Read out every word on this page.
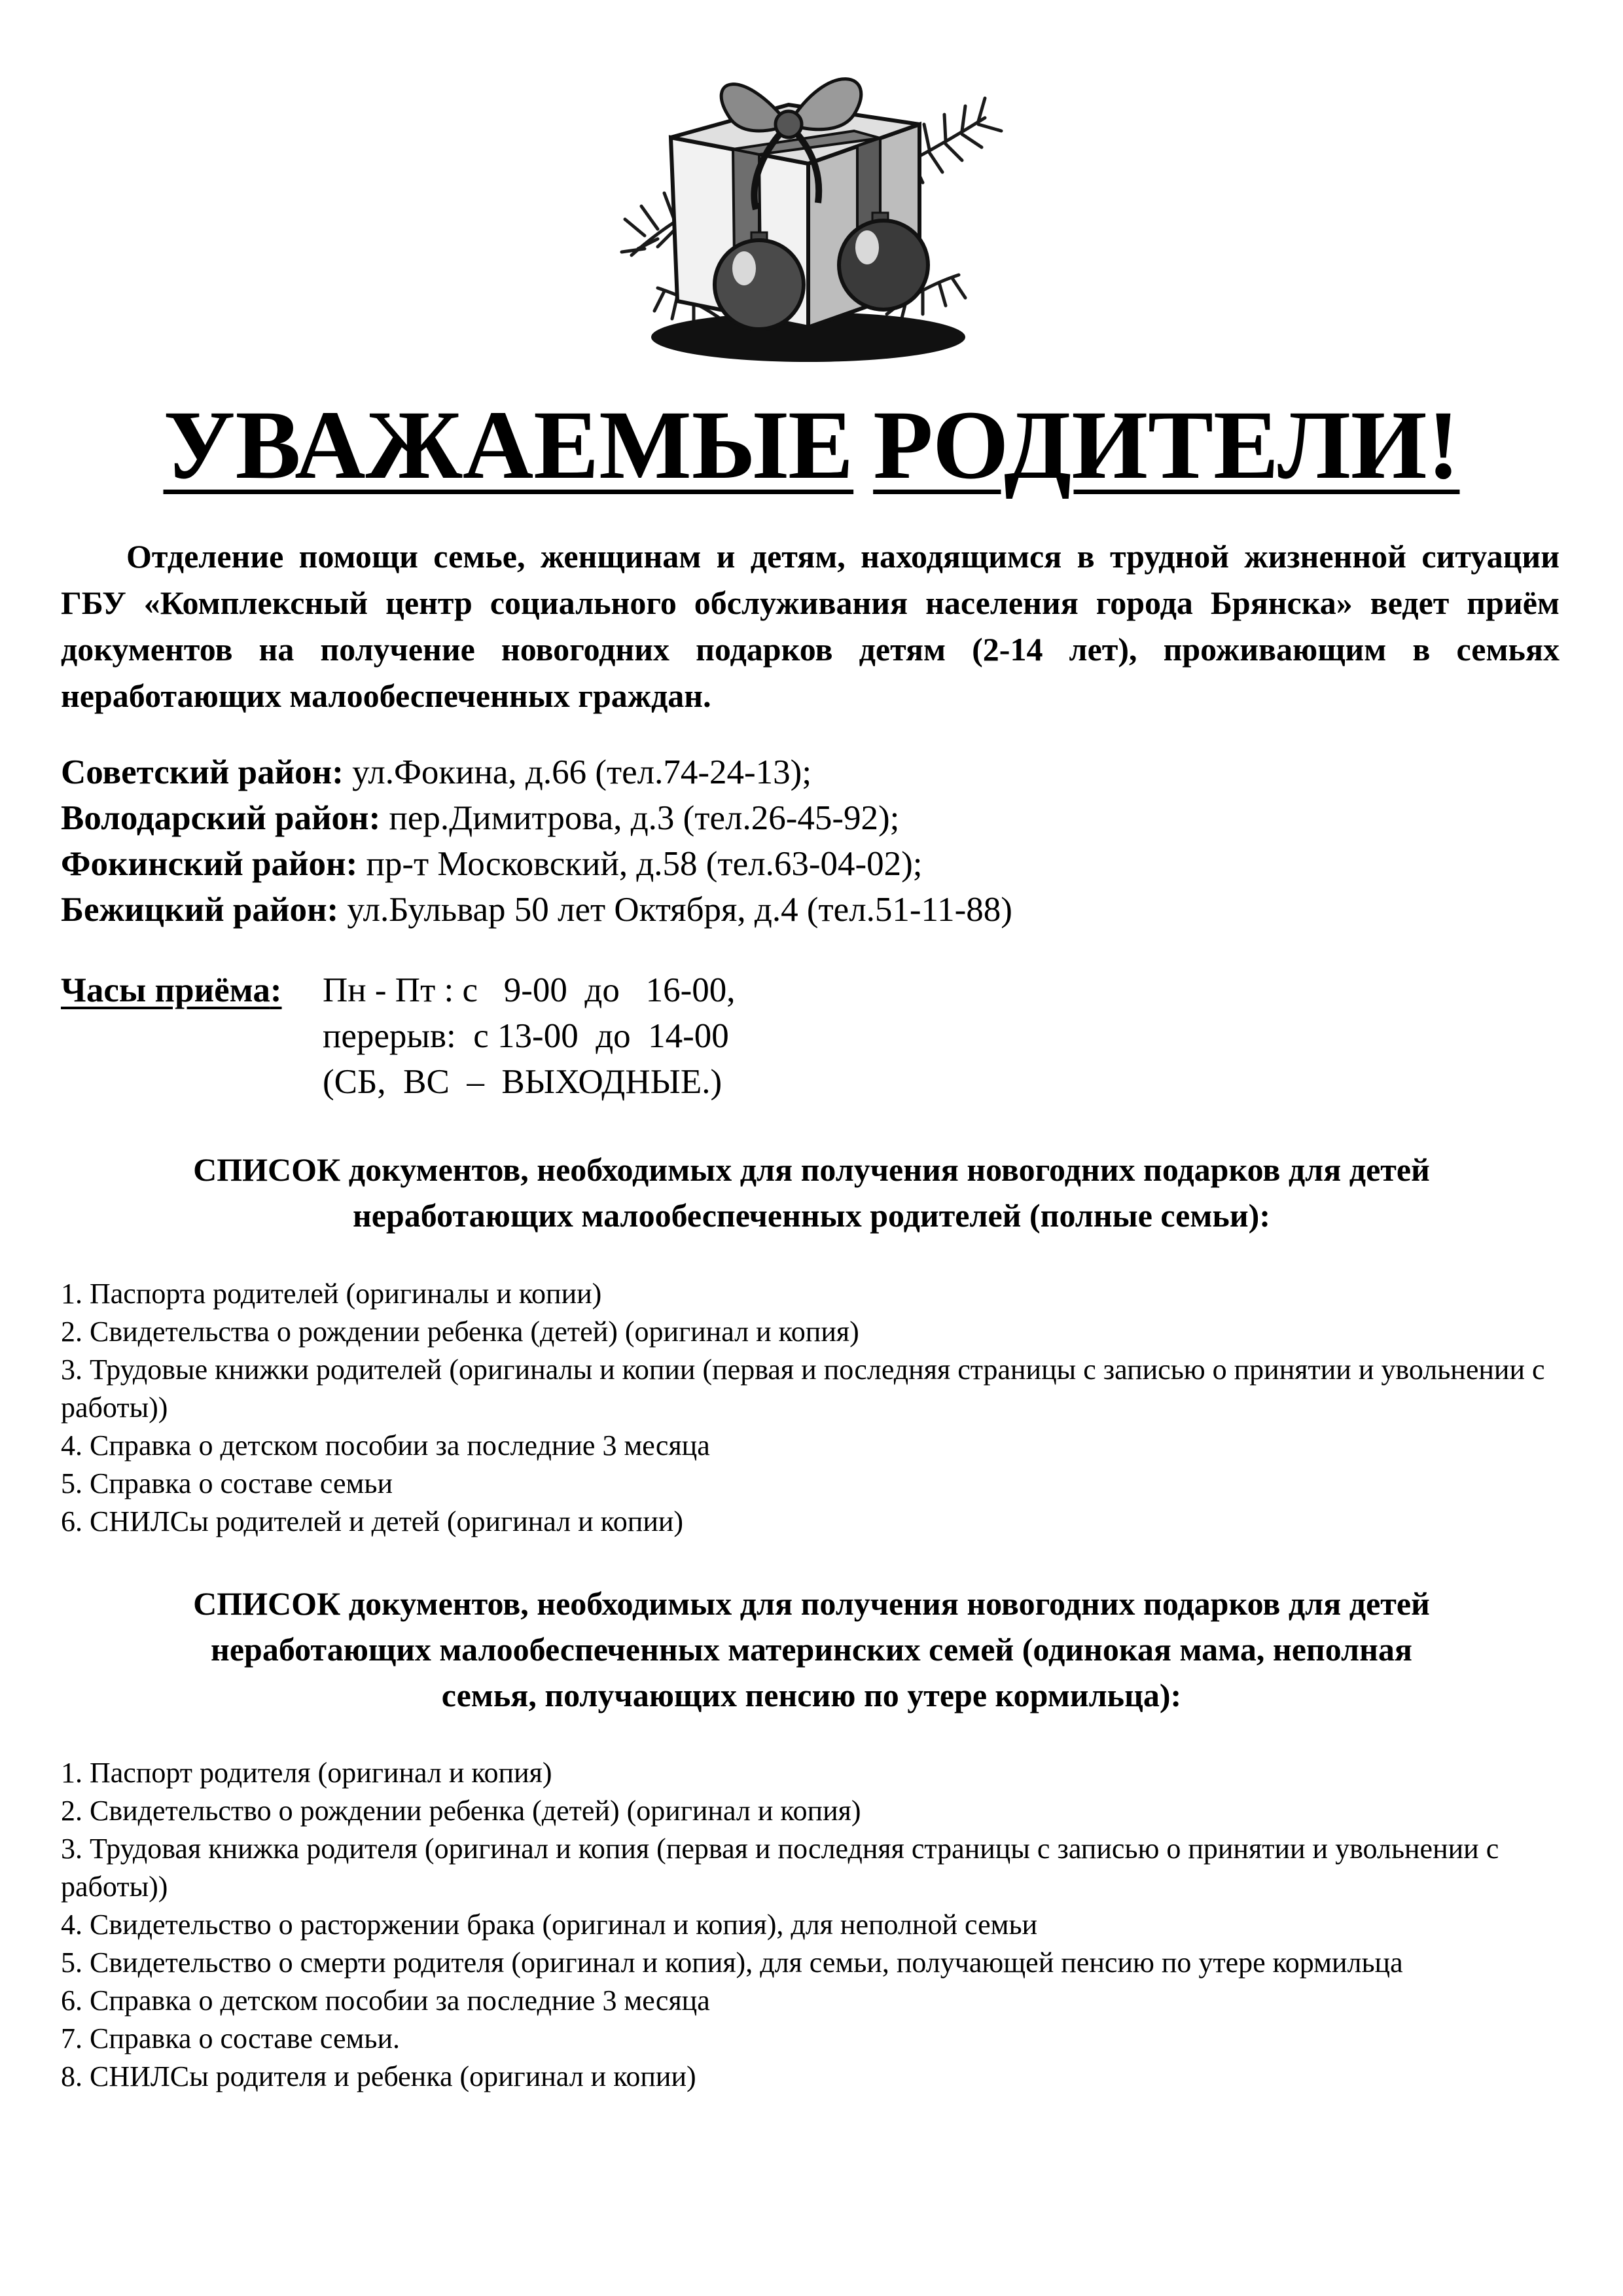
УВАЖАЕМЫЕ РОДИТЕЛИ!
Отделение помощи семье, женщинам и детям, находящимся в трудной жизненной ситуации ГБУ «Комплексный центр социального обслуживания населения города Брянска» ведет приём документов на получение новогодних подарков детям (2-14 лет), проживающим в семьях неработающих малообеспеченных граждан.
Советский район: ул.Фокина, д.66 (тел.74-24-13);
Володарский район: пер.Димитрова, д.3 (тел.26-45-92);
Фокинский район: пр-т Московский, д.58 (тел.63-04-02);
Бежицкий район: ул.Бульвар 50 лет Октября, д.4 (тел.51-11-88)
Часы приёма: Пн - Пт : с   9-00  до   16-00,
перерыв:  с 13-00  до  14-00
(СБ,  ВС  –  ВЫХОДНЫЕ.)
СПИСОК документов, необходимых для получения новогодних подарков для детей
неработающих малообеспеченных родителей (полные семьи):
1. Паспорта родителей (оригиналы и копии)
2. Свидетельства о рождении ребенка (детей) (оригинал и копия)
3. Трудовые книжки родителей (оригиналы и копии (первая и последняя страницы с записью о принятии и увольнении с работы))
4. Справка о детском пособии за последние 3 месяца
5. Справка о составе семьи
6. СНИЛСы родителей и детей (оригинал и копии)
СПИСОК документов, необходимых для получения новогодних подарков для детей
неработающих малообеспеченных материнских семей (одинокая мама, неполная
семья, получающих пенсию по утере кормильца):
1. Паспорт родителя (оригинал и копия)
2. Свидетельство о рождении ребенка (детей) (оригинал и копия)
3. Трудовая книжка родителя (оригинал и копия (первая и последняя страницы с записью о принятии и увольнении с работы))
4. Свидетельство о расторжении брака (оригинал и копия), для неполной семьи
5. Свидетельство о смерти родителя (оригинал и копия), для семьи, получающей пенсию по утере кормильца
6. Справка о детском пособии за последние 3 месяца
7. Справка о составе семьи.
8. СНИЛСы родителя и ребенка (оригинал и копии)
